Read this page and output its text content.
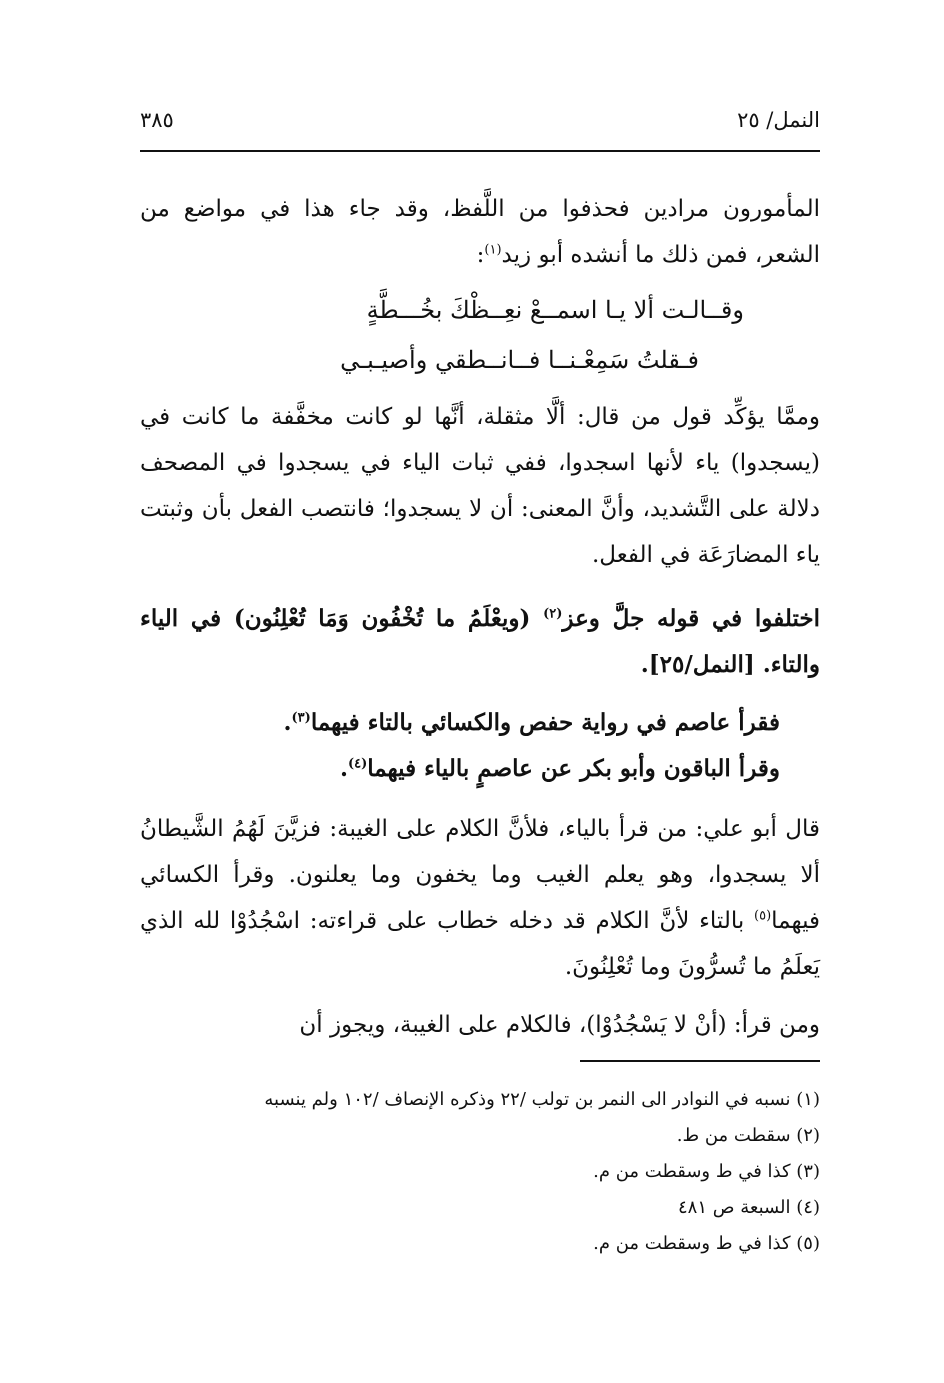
النمل/ ٢٥
٣٨٥
المأمورون مرادين فحذفوا من اللَّفظ، وقد جاء هذا في مواضع من الشعر، فمن ذلك ما أنشده أبو زيد$^{(١)}$:
وقــالـت ألا يـا اسمــعْ نعِــظْكَ بخُـــطَّةٍ
فـقلتُ سَمِعْـنــا فــانــطقي وأصيـبـي
وممَّا يؤكِّد قول من قال: ألَّا مثقلة، أنَّها لو كانت مخفَّفة ما كانت في (يسجدوا) ياء لأنها اسجدوا، ففي ثبات الياء في يسجدوا في المصحف دلالة على التَّشديد، وأنَّ المعنى: أن لا يسجدوا؛ فانتصب الفعل بأن وثبتت ياء المضارَعَة في الفعل.
اختلفوا في قوله جلَّ وعز$^{(٢)}$ (ويعْلَمُ ما تُخْفُون وَمَا تُعْلِنُون) في الياء والتاء. [النمل/٢٥].
فقرأ عاصم في رواية حفص والكسائي بالتاء فيهما$^{(٣)}$.
وقرأ الباقون وأبو بكر عن عاصمٍ بالياء فيهما$^{(٤)}$.
قال أبو علي: من قرأ بالياء، فلأنَّ الكلام على الغيبة: فزيَّنَ لَهُمُ الشَّيطانُ ألا يسجدوا، وهو يعلم الغيب وما يخفون وما يعلنون. وقرأ الكسائي فيهما$^{(٥)}$ بالتاء لأنَّ الكلام قد دخله خطاب على قراءته: اسْجُدُوْا لله الذي يَعلَمُ ما تُسرُّونَ وما تُعْلِنُونَ.
ومن قرأ: (أنْ لا يَسْجُدُوْا)، فالكلام على الغيبة، ويجوز أن
(١) نسبه في النوادر الى النمر بن تولب /٢٢ وذكره الإنصاف /١٠٢ ولم ينسبه
(٢) سقطت من ط.
(٣) كذا في ط وسقطت من م.
(٤) السبعة ص ٤٨١
(٥) كذا في ط وسقطت من م.
